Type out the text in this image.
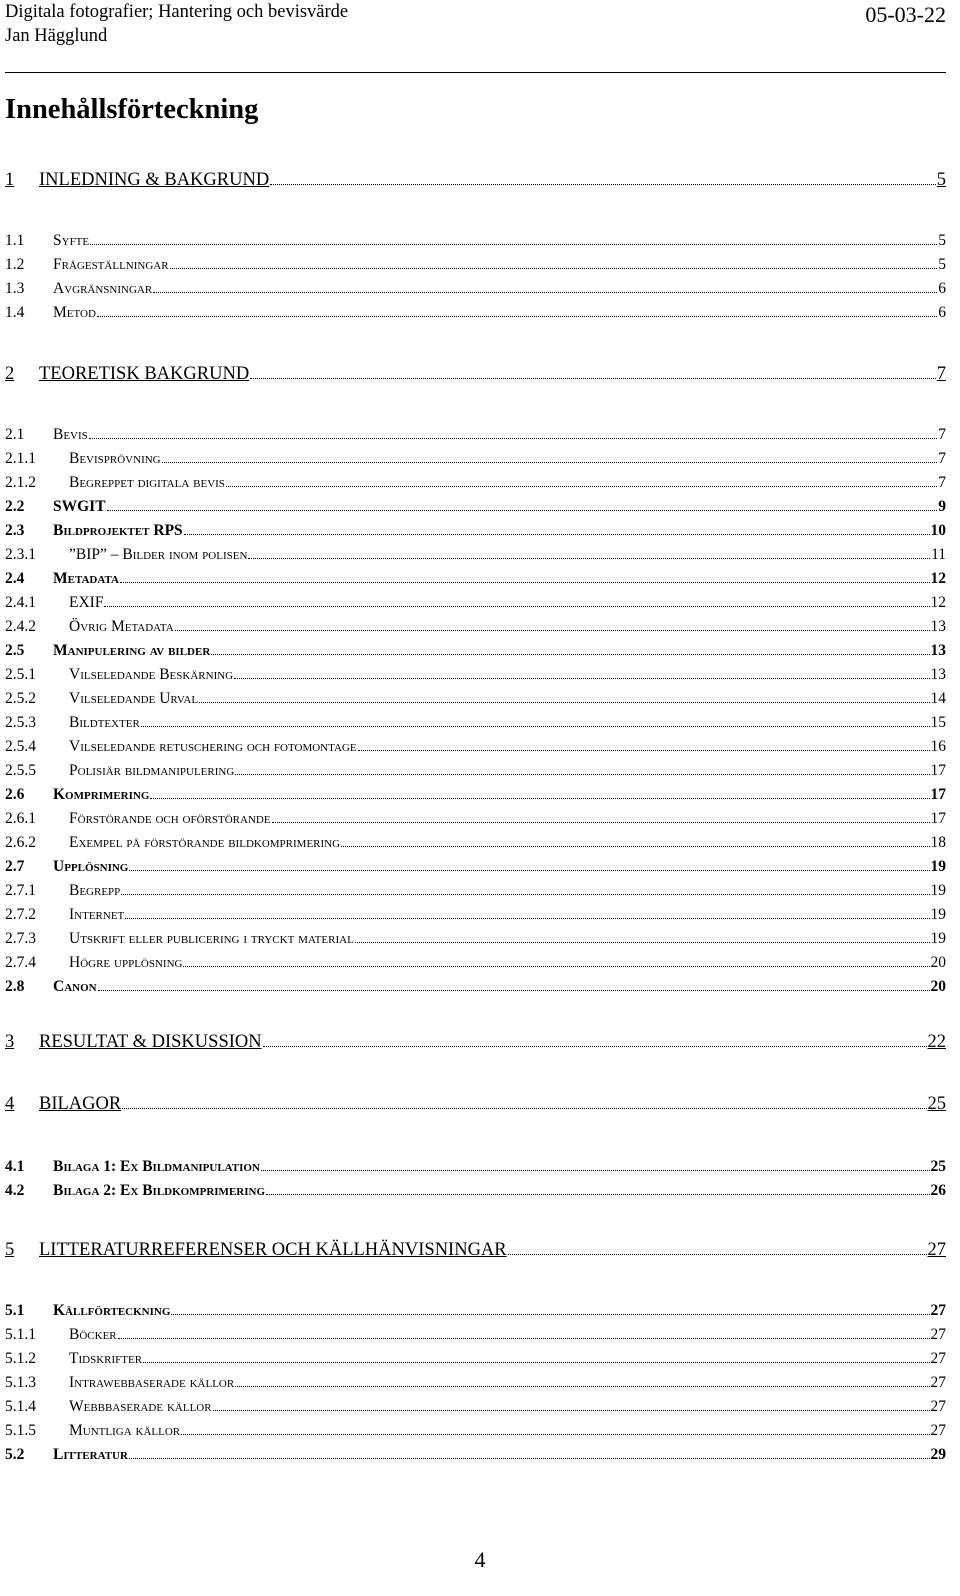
Digitala fotografier; Hantering och bevisvärde
Jan Hägglund
05-03-22
Innehållsförteckning
1	INLEDNING & BAKGRUND	5
1.1	Syfte	5
1.2	Frågeställningar	5
1.3	Avgränsningar	6
1.4	Metod	6
2	TEORETISK BAKGRUND	7
2.1	Bevis	7
2.1.1	Bevisprövning	7
2.1.2	Begreppet digitala bevis	7
2.2	SWGIT	9
2.3	Bildprojektet RPS	10
2.3.1	”BIP” – Bilder inom polisen	11
2.4	Metadata	12
2.4.1	EXIF	12
2.4.2	Övrig Metadata	13
2.5	Manipulering av bilder	13
2.5.1	Vilseledande Beskärning	13
2.5.2	Vilseledande Urval	14
2.5.3	Bildtexter	15
2.5.4	Vilseledande retuschering och fotomontage	16
2.5.5	Polisiär bildmanipulering	17
2.6	Komprimering	17
2.6.1	Förstörande och oförstörande	17
2.6.2	Exempel på förstörande bildkomprimering	18
2.7	Upplösning	19
2.7.1	Begrepp	19
2.7.2	Internet	19
2.7.3	Utskrift eller publicering i tryckt material	19
2.7.4	Högre upplösning	20
2.8	Canon	20
3	RESULTAT & DISKUSSION	22
4	BILAGOR	25
4.1	Bilaga 1: Ex Bildmanipulation	25
4.2	Bilaga 2: Ex Bildkomprimering	26
5	LITTERATURREFERENSER OCH KÄLLHÄNVISNINGAR	27
5.1	Källförteckning	27
5.1.1	Böcker	27
5.1.2	Tidskrifter	27
5.1.3	Intrawebbaserade källor	27
5.1.4	Webbbaserade källor	27
5.1.5	Muntliga källor	27
5.2	Litteratur	29
4
